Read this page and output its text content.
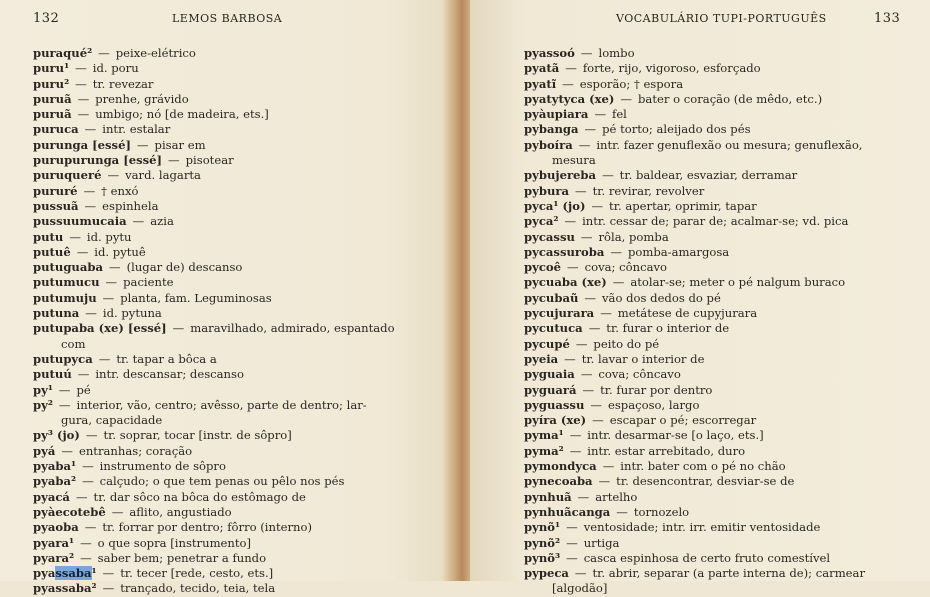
132	LEMOS BARBOSA
puraqué² — peixe-elétrico
puru¹ — id. poru
puru² — tr. revezar
puruã — prenhe, grávido
puruã — umbigo; nó [de madeira, ets.]
puruca — intr. estalar
purunga [essé] — pisar em
purupurunga [essé] — pisotear
puruqueré — vard. lagarta
pururé — † enxó
pussuã — espinhela
pussuumucaia — azia
putu — id. pytu
putuê — id. pytuê
putuguaba — (lugar de) descanso
putumucu — paciente
putumuju — planta, fam. Leguminosas
putuna — id. pytuna
putupaba (xe) [essé] — maravilhado, admirado, espantado
com
putupyca — tr. tapar a bôca a
putuú — intr. descansar; descanso
py¹ — pé
py² — interior, vão, centro; avêsso, parte de dentro; lar-
gura, capacidade
py³ (jo) — tr. soprar, tocar [instr. de sôpro]
pyá — entranhas; coração
pyaba¹ — instrumento de sôpro
pyaba² — calçudo; o que tem penas ou pêlo nos pés
pyacá — tr. dar sôco na bôca do estômago de
pyàecotebê — aflito, angustiado
pyaoba — tr. forrar por dentro; fôrro (interno)
pyara¹ — o que sopra [instrumento]
pyara² — saber bem; penetrar a fundo
pyassaba¹ — tr. tecer [rede, cesto, ets.]
pyassaba² — trançado, tecido, teia, tela
VOCABULÁRIO TUPI-PORTUGUÊS	133
pyassoó — lombo
pyatã — forte, rijo, vigoroso, esforçado
pyatĩ — esporão; † espora
pyatytyca (xe) — bater o coração (de mêdo, etc.)
pyàupiara — fel
pybanga — pé torto; aleijado dos pés
pyboíra — intr. fazer genuflexão ou mesura; genuflexão,
mesura
pybujereba — tr. baldear, esvaziar, derramar
pybura — tr. revirar, revolver
pyca¹ (jo) — tr. apertar, oprimir, tapar
pyca² — intr. cessar de; parar de; acalmar-se; vd. pica
pycassu — rôla, pomba
pycassuroba — pomba-amargosa
pycoê — cova; côncavo
pycuaba (xe) — atolar-se; meter o pé nalgum buraco
pycubaũ — vão dos dedos do pé
pycujurara — metátese de cupyjurara
pycutuca — tr. furar o interior de
pycupé — peito do pé
pyeia — tr. lavar o interior de
pyguaia — cova; côncavo
pyguará — tr. furar por dentro
pyguassu — espaçoso, largo
pyíra (xe) — escapar o pé; escorregar
pyma¹ — intr. desarmar-se [o laço, ets.]
pyma² — intr. estar arrebitado, duro
pymondyca — intr. bater com o pé no chão
pynecoaba — tr. desencontrar, desviar-se de
pynhuã — artelho
pynhuãcanga — tornozelo
pynõ¹ — ventosidade; intr. irr. emitir ventosidade
pynõ² — urtiga
pynõ³ — casca espinhosa de certo fruto comestível
pypeca — tr. abrir, separar (a parte interna de); carmear
[algodão]
